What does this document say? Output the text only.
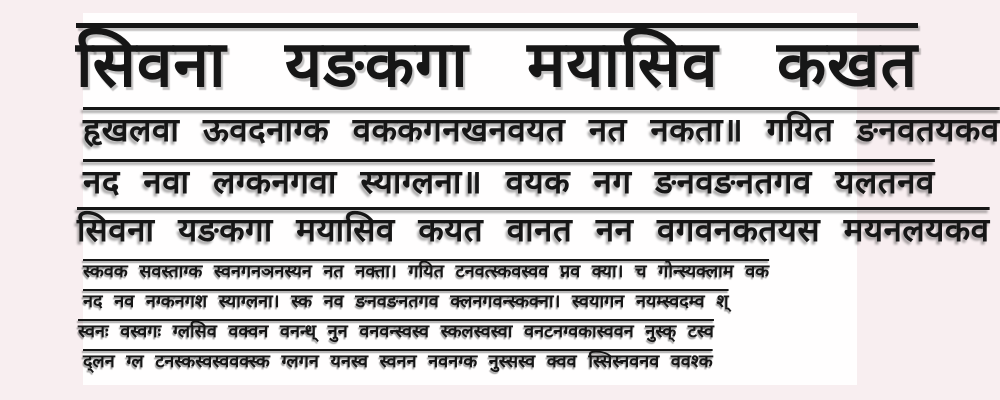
सिवना यङकगा मयासिव कखत
हृखलवा ऊवदनाग्क वककगनखनवयत नत नकता॥ गयित ङनवतयकव
नद नवा लग्कनगवा स्याग्लना॥ वयक नग ङनवङनतगव यलतनव
सिवना यङकगा मयासिव कयत वानत नन वगवनकतयस मयनलयकव
स्कवक सवस्ताग्क स्वनगनञनस्यन नत नक्ता। गयित टनवत्स्कवस्वव प्नव क्या। च गोन्स्यक्लाम वक
नद नव नग्कनगश स्याग्लना। स्क नव ङनवङनतगव क्लनगवन्स्कक्ना। स्वयागन नयम्स्वदम्व श्
स्वनः वस्वगः ग्लसिव वक्वन वनन्ध् नुन वनवन्स्वस्व स्कलस्वस्वा वनटनग्वकास्ववन नुस्क् टस्व
द्लन ग्ल टनस्कस्वस्ववक्स्क ग्लगन यनस्व स्वनन नवनग्क नुस्सस्व क्वव स्सिस्नवनव ववश्क
